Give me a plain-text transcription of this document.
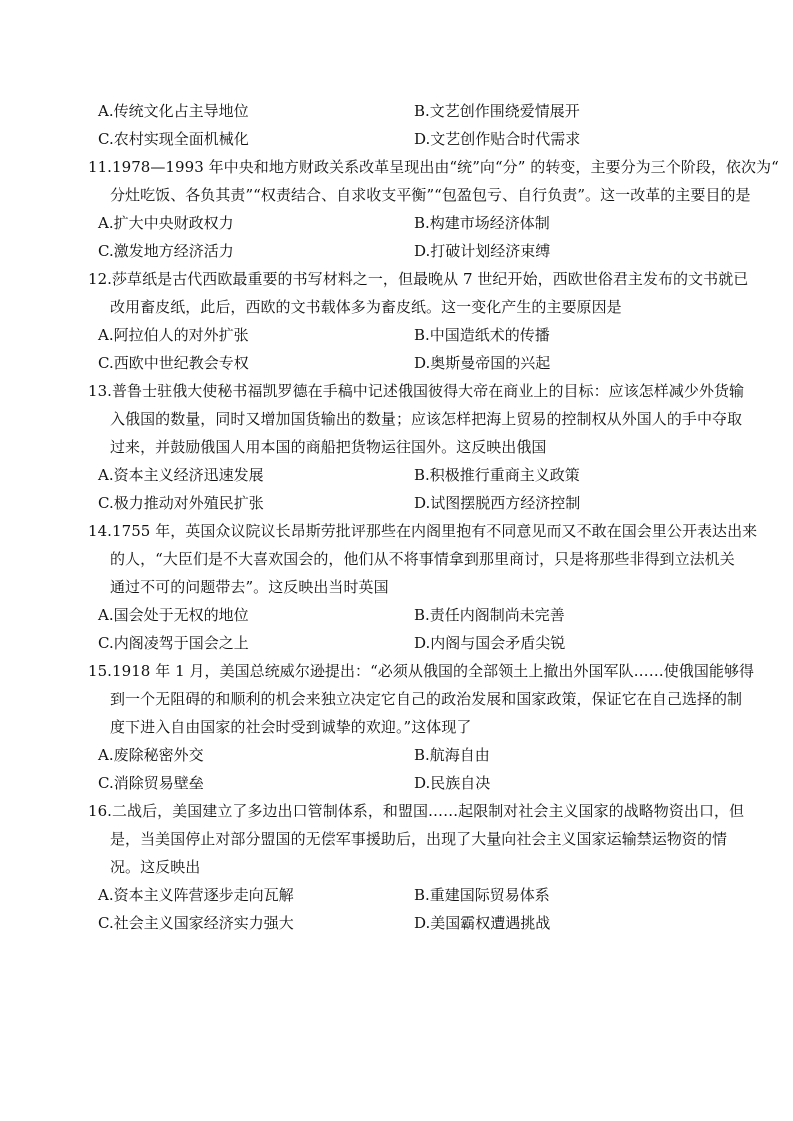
A.传统文化占主导地位	B.文艺创作围绕爱情展开
C.农村实现全面机械化	D.文艺创作贴合时代需求
11.1978—1993 年中央和地方财政关系改革呈现出由“统”向“分” 的转变，主要分为三个阶段，依次为“
分灶吃饭、各负其责”“权责结合、自求收支平衡”“包盈包亏、自行负责”。这一改革的主要目的是
A.扩大中央财政权力	B.构建市场经济体制
C.激发地方经济活力	D.打破计划经济束缚
12.莎草纸是古代西欧最重要的书写材料之一，但最晚从 7 世纪开始，西欧世俗君主发布的文书就已
改用畜皮纸，此后，西欧的文书载体多为畜皮纸。这一变化产生的主要原因是
A.阿拉伯人的对外扩张	B.中国造纸术的传播
C.西欧中世纪教会专权	D.奥斯曼帝国的兴起
13.普鲁士驻俄大使秘书福凯罗德在手稿中记述俄国彼得大帝在商业上的目标：应该怎样减少外货输
入俄国的数量，同时又增加国货输出的数量；应该怎样把海上贸易的控制权从外国人的手中夺取
过来，并鼓励俄国人用本国的商船把货物运往国外。这反映出俄国
A.资本主义经济迅速发展	B.积极推行重商主义政策
C.极力推动对外殖民扩张	D.试图摆脱西方经济控制
14.1755 年，英国众议院议长昂斯劳批评那些在内阁里抱有不同意见而又不敢在国会里公开表达出来
的人，“大臣们是不大喜欢国会的，他们从不将事情拿到那里商讨，只是将那些非得到立法机关
通过不可的问题带去”。这反映出当时英国
A.国会处于无权的地位	B.责任内阁制尚未完善
C.内阁凌驾于国会之上	D.内阁与国会矛盾尖锐
15.1918 年 1 月，美国总统威尔逊提出：“必须从俄国的全部领土上撤出外国军队……使俄国能够得
到一个无阻碍的和顺利的机会来独立决定它自己的政治发展和国家政策，保证它在自己选择的制
度下进入自由国家的社会时受到诚挚的欢迎。”这体现了
A.废除秘密外交	B.航海自由
C.消除贸易壁垒	D.民族自决
16.二战后，美国建立了多边出口管制体系，和盟国……起限制对社会主义国家的战略物资出口，但
是，当美国停止对部分盟国的无偿军事援助后，出现了大量向社会主义国家运输禁运物资的情
况。这反映出
A.资本主义阵营逐步走向瓦解	B.重建国际贸易体系
C.社会主义国家经济实力强大	D.美国霸权遭遇挑战
